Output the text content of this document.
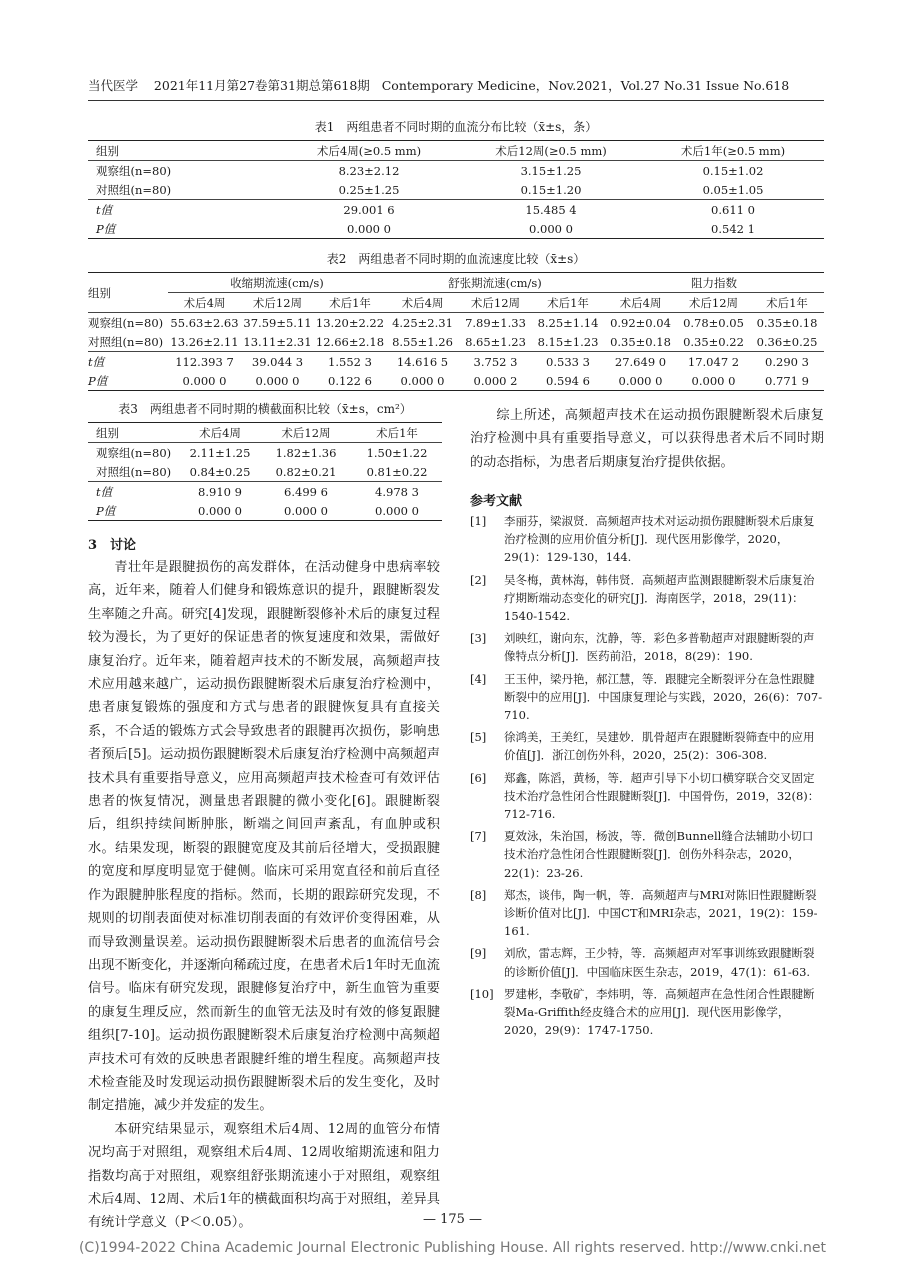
当代医学 2021年11月第27卷第31期总第618期 Contemporary Medicine，Nov.2021，Vol.27 No.31 Issue No.618
表1　两组患者不同时期的血流分布比较（x̄±s，条）
组别	术后4周(≥0.5 mm)	术后12周(≥0.5 mm)	术后1年(≥0.5 mm)
观察组(n=80)	8.23±2.12	3.15±1.25	0.15±1.02
对照组(n=80)	0.25±1.25	0.15±1.20	0.05±1.05
t值	29.001 6	15.485 4	0.611 0
P值	0.000 0	0.000 0	0.542 1
表2　两组患者不同时期的血流速度比较（x̄±s）
组别	收缩期流速(cm/s)			舒张期流速(cm/s)			阻力指数		
	术后4周	术后12周	术后1年	术后4周	术后12周	术后1年	术后4周	术后12周	术后1年
观察组(n=80)	55.63±2.63	37.59±5.11	13.20±2.22	4.25±2.31	7.89±1.33	8.25±1.14	0.92±0.04	0.78±0.05	0.35±0.18
对照组(n=80)	13.26±2.11	13.11±2.31	12.66±2.18	8.55±1.26	8.65±1.23	8.15±1.23	0.35±0.18	0.35±0.22	0.36±0.25
t值	112.393 7	39.044 3	1.552 3	14.616 5	3.752 3	0.533 3	27.649 0	17.047 2	0.290 3
P值	0.000 0	0.000 0	0.122 6	0.000 0	0.000 2	0.594 6	0.000 0	0.000 0	0.771 9
表3　两组患者不同时期的横截面积比较（x̄±s，cm²）
组别	术后4周	术后12周	术后1年
观察组(n=80)	2.11±1.25	1.82±1.36	1.50±1.22
对照组(n=80)	0.84±0.25	0.82±0.21	0.81±0.22
t值	8.910 9	6.499 6	4.978 3
P值	0.000 0	0.000 0	0.000 0
3　讨论

青壮年是跟腱损伤的高发群体，在活动健身中患病率较高，近年来，随着人们健身和锻炼意识的提升，跟腱断裂发生率随之升高。研究[4]发现，跟腱断裂修补术后的康复过程较为漫长，为了更好的保证患者的恢复速度和效果，需做好康复治疗。近年来，随着超声技术的不断发展，高频超声技术应用越来越广，运动损伤跟腱断裂术后康复治疗检测中，患者康复锻炼的强度和方式与患者的跟腱恢复具有直接关系，不合适的锻炼方式会导致患者的跟腱再次损伤，影响患者预后[5]。运动损伤跟腱断裂术后康复治疗检测中高频超声技术具有重要指导意义，应用高频超声技术检查可有效评估患者的恢复情况，测量患者跟腱的微小变化[6]。跟腱断裂后，组织持续间断肿胀，断端之间回声紊乱，有血肿或积水。结果发现，断裂的跟腱宽度及其前后径增大，受损跟腱的宽度和厚度明显宽于健侧。临床可采用宽直径和前后直径作为跟腱肿胀程度的指标。然而，长期的跟踪研究发现，不规则的切削表面使对标准切削表面的有效评价变得困难，从而导致测量误差。运动损伤跟腱断裂术后患者的血流信号会出现不断变化，并逐渐向稀疏过度，在患者术后1年时无血流信号。临床有研究发现，跟腱修复治疗中，新生血管为重要的康复生理反应，然而新生的血管无法及时有效的修复跟腱组织[7-10]。运动损伤跟腱断裂术后康复治疗检测中高频超声技术可有效的反映患者跟腱纤维的增生程度。高频超声技术检查能及时发现运动损伤跟腱断裂术后的发生变化，及时制定措施，减少并发症的发生。

本研究结果显示，观察组术后4周、12周的血管分布情况均高于对照组，观察组术后4周、12周收缩期流速和阻力指数均高于对照组，观察组舒张期流速小于对照组，观察组术后4周、12周、术后1年的横截面积均高于对照组，差异具有统计学意义（P＜0.05）。

综上所述，高频超声技术在运动损伤跟腱断裂术后康复治疗检测中具有重要指导意义，可以获得患者术后不同时期的动态指标，为患者后期康复治疗提供依据。

参考文献
[1] 李丽芬，梁淑贤．高频超声技术对运动损伤跟腱断裂术后康复治疗检测的应用价值分析[J]．现代医用影像学，2020，29(1)：129-130，144.
[2] 吴冬梅，黄林海，韩伟贤．高频超声监测跟腱断裂术后康复治疗期断端动态变化的研究[J]．海南医学，2018，29(11)：1540-1542.
[3] 刘映红，谢向东，沈静，等．彩色多普勒超声对跟腱断裂的声像特点分析[J]．医药前沿，2018，8(29)：190.
[4] 王玉仲，梁丹艳，郝江慧，等．跟腱完全断裂评分在急性跟腱断裂中的应用[J]．中国康复理论与实践，2020，26(6)：707-710.
[5] 徐鸿美，王美红，吴建妙．肌骨超声在跟腱断裂筛查中的应用价值[J]．浙江创伤外科，2020，25(2)：306-308.
[6] 郑鑫，陈滔，黄杨，等．超声引导下小切口横穿联合交叉固定技术治疗急性闭合性跟腱断裂[J]．中国骨伤，2019，32(8)：712-716.
[7] 夏效泳，朱治国，杨波，等．微创Bunnell缝合法辅助小切口技术治疗急性闭合性跟腱断裂[J]．创伤外科杂志，2020，22(1)：23-26.
[8] 郑杰，谈伟，陶一帆，等．高频超声与MRI对陈旧性跟腱断裂诊断价值对比[J]．中国CT和MRI杂志，2021，19(2)：159-161.
[9] 刘欣，雷志辉，王少特，等．高频超声对军事训练致跟腱断裂的诊断价值[J]．中国临床医生杂志，2019，47(1)：61-63.
[10] 罗建彬，李敬矿，李炜明，等．高频超声在急性闭合性跟腱断裂Ma-Griffith经皮缝合术的应用[J]．现代医用影像学，2020，29(9)：1747-1750.
— 175 —
(C)1994-2022 China Academic Journal Electronic Publishing House. All rights reserved. http://www.cnki.net
